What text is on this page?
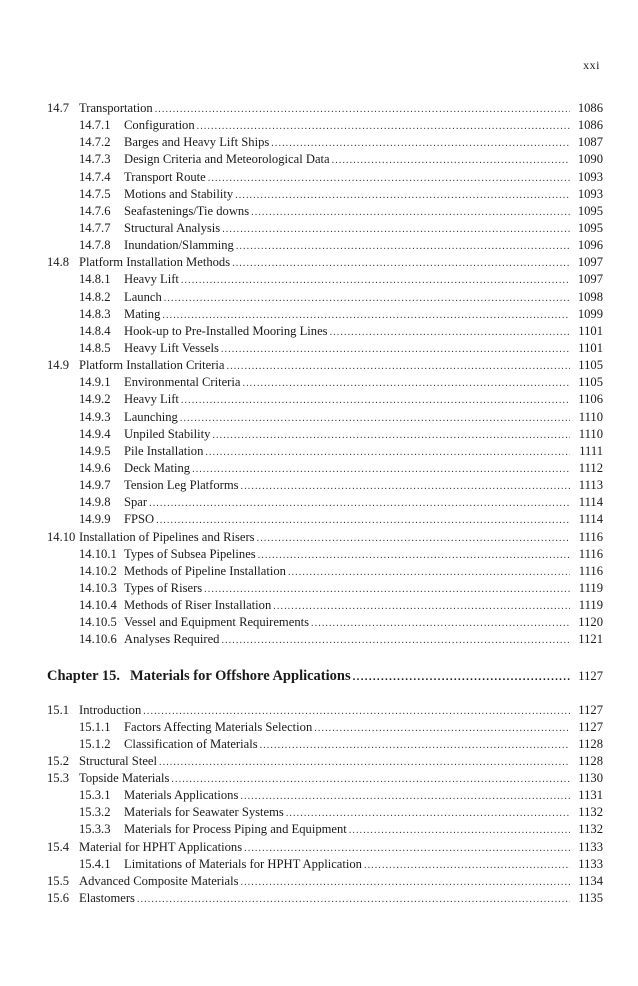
xxi
14.7 Transportation .....	1086
14.7.1	Configuration .....	1086
14.7.2	Barges and Heavy Lift Ships .....	1087
14.7.3	Design Criteria and Meteorological Data .....	1090
14.7.4	Transport Route .....	1093
14.7.5	Motions and Stability .....	1093
14.7.6	Seafastenings/Tie downs .....	1095
14.7.7	Structural Analysis .....	1095
14.7.8	Inundation/Slamming .....	1096
14.8 Platform Installation Methods .....	1097
14.8.1	Heavy Lift .....	1097
14.8.2	Launch .....	1098
14.8.3	Mating .....	1099
14.8.4	Hook-up to Pre-Installed Mooring Lines .....	1101
14.8.5	Heavy Lift Vessels .....	1101
14.9 Platform Installation Criteria .....	1105
14.9.1	Environmental Criteria .....	1105
14.9.2	Heavy Lift .....	1106
14.9.3	Launching .....	1110
14.9.4	Unpiled Stability .....	1110
14.9.5	Pile Installation .....	1111
14.9.6	Deck Mating .....	1112
14.9.7	Tension Leg Platforms .....	1113
14.9.8	Spar .....	1114
14.9.9	FPSO .....	1114
14.10 Installation of Pipelines and Risers .....	1116
14.10.1 Types of Subsea Pipelines .....	1116
14.10.2 Methods of Pipeline Installation .....	1116
14.10.3 Types of Risers .....	1119
14.10.4 Methods of Riser Installation .....	1119
14.10.5 Vessel and Equipment Requirements .....	1120
14.10.6 Analyses Required .....	1121
Chapter 15. Materials for Offshore Applications .....	1127
15.1 Introduction .....	1127
15.1.1	Factors Affecting Materials Selection .....	1127
15.1.2	Classification of Materials .....	1128
15.2 Structural Steel .....	1128
15.3 Topside Materials .....	1130
15.3.1	Materials Applications .....	1131
15.3.2	Materials for Seawater Systems .....	1132
15.3.3	Materials for Process Piping and Equipment .....	1132
15.4 Material for HPHT Applications .....	1133
15.4.1	Limitations of Materials for HPHT Application .....	1133
15.5 Advanced Composite Materials .....	1134
15.6 Elastomers .....	1135
